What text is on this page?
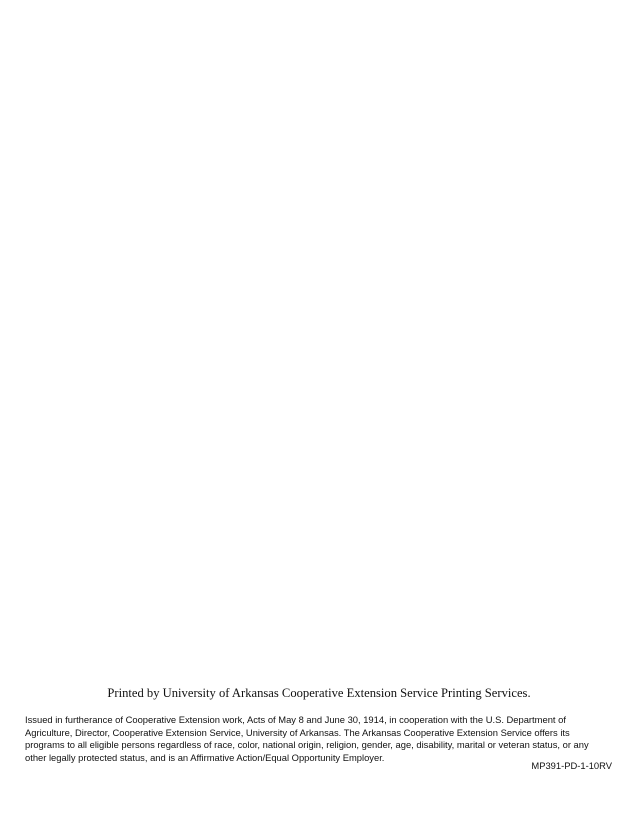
Printed by University of Arkansas Cooperative Extension Service Printing Services.

Issued in furtherance of Cooperative Extension work, Acts of May 8 and June 30, 1914, in cooperation with the U.S. Department of
Agriculture, Director, Cooperative Extension Service, University of Arkansas. The Arkansas Cooperative Extension Service offers its
programs to all eligible persons regardless of race, color, national origin, religion, gender, age, disability, marital or veteran status, or any
other legally protected status, and is an Affirmative Action/Equal Opportunity Employer.

MP391-PD-1-10RV
